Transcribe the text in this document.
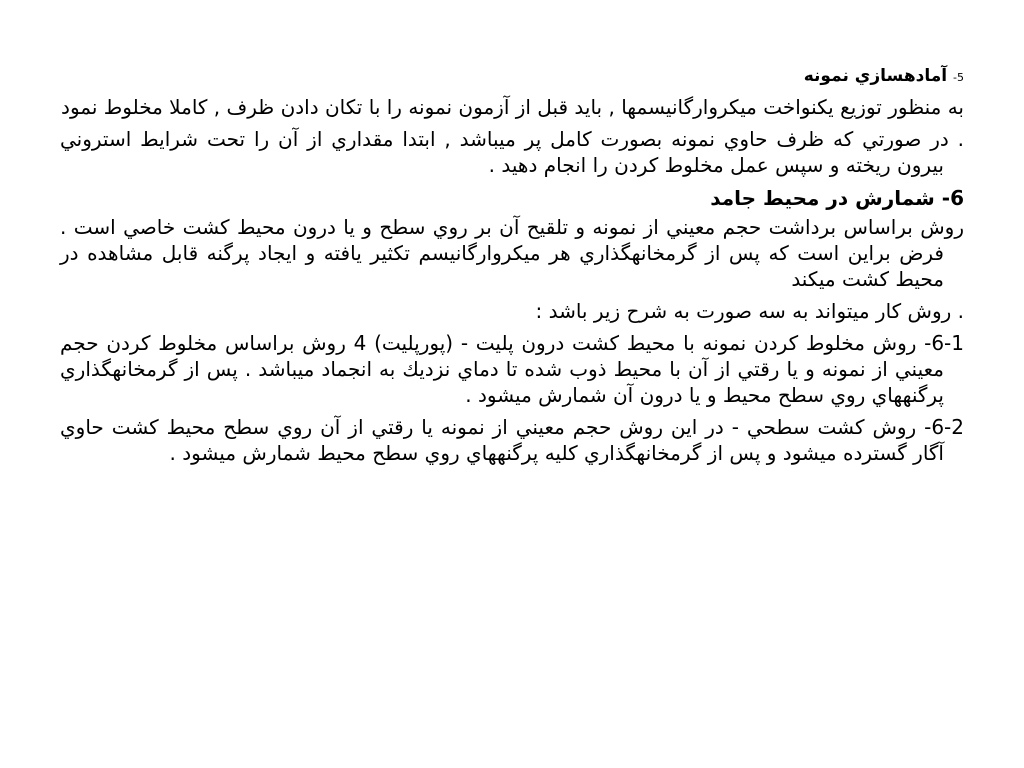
5- آمادهسازي نمونه
به منظور توزيع يكنواخت ميكروارگانيسمها , بايد قبل از آزمون نمونه را با تكان دادن ظرف , كاملا مخلوط نمود
. در صورتي كه ظرف حاوي نمونه بصورت كامل پر ميباشد , ابتدا مقداري از آن را تحت شرايط استروني بيرون ريخته و سپس عمل مخلوط كردن را انجام دهيد .
6- شمارش در محيط جامد
روش براساس برداشت حجم معيني از نمونه و تلقيح آن بر روي سطح و يا درون محيط كشت خاصي است . فرض براين است كه پس از گرمخانهگذاري هر ميكروارگانيسم تكثير يافته و ايجاد پرگنه قابل مشاهده در محيط كشت ميكند
. روش كار ميتواند به سه صورت به شرح زير باشد :
6-1- روش مخلوط كردن نمونه با محيط كشت درون پليت - (پورپليت) 4 روش براساس مخلوط كردن حجم معيني از نمونه و يا رقتي از آن با محيط ذوب شده تا دماي نزديك به انجماد ميباشد . پس از گرمخانهگذاري پرگنههاي روي سطح محيط و يا درون آن شمارش ميشود .
6-2- روش كشت سطحي - در اين روش حجم معيني از نمونه يا رقتي از آن روي سطح محيط كشت حاوي آگار گسترده ميشود و پس از گرمخانهگذاري كليه پرگنههاي روي سطح محيط شمارش ميشود .
